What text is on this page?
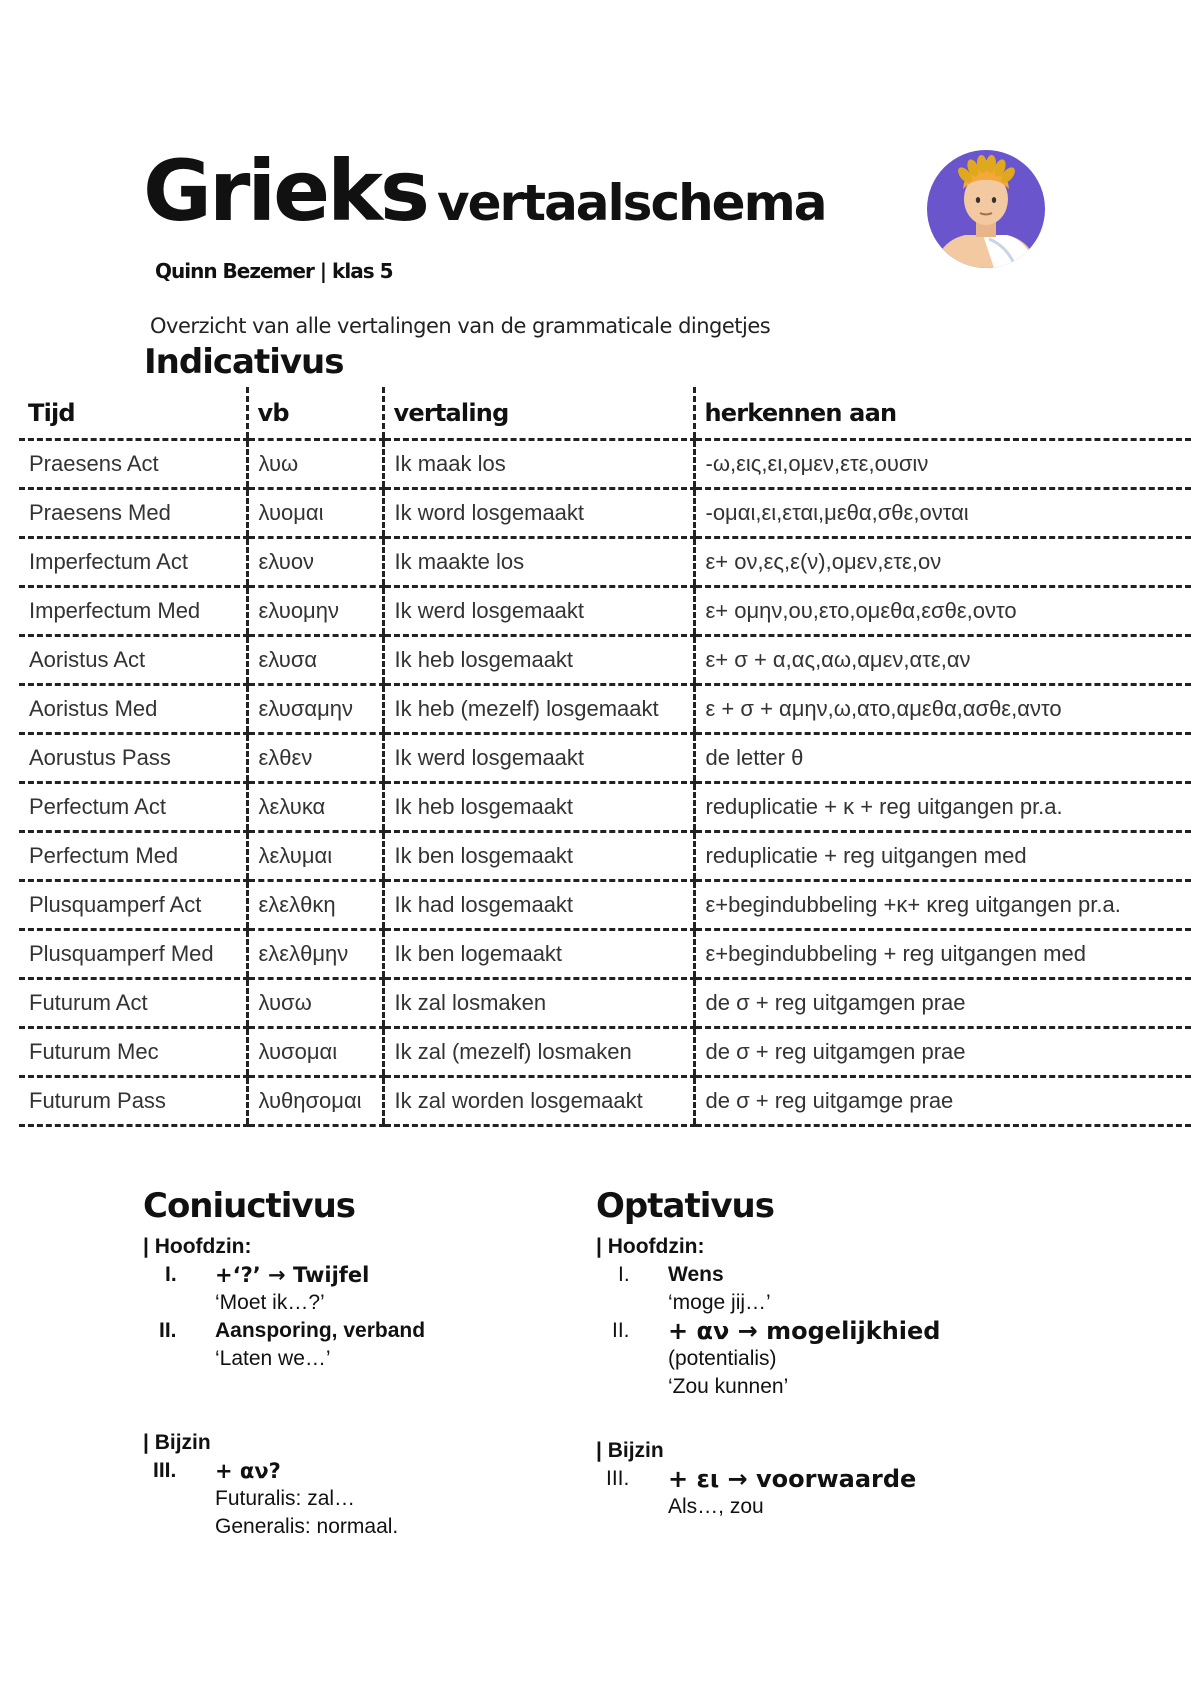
Grieks vertaalschema
Quinn Bezemer | klas 5
Overzicht van alle vertalingen van de grammaticale dingetjes
Indicativus
Tijd	vb	vertaling	herkennen aan
Praesens Act	λυω	Ik maak los	-ω,εις,ει,ομεν,ετε,ουσιν
Praesens Med	λυομαι	Ik word losgemaakt	-ομαι,ει,εται,μεθα,σθε,ονται
Imperfectum Act	ελυον	Ik maakte los	ε+ ον,ες,ε(ν),ομεν,ετε,ον
Imperfectum Med	ελυομην	Ik werd losgemaakt	ε+ ομην,ου,ετο,ομεθα,εσθε,οντο
Aoristus Act	ελυσα	Ik heb losgemaakt	ε+ σ + α,ας,αω,αμεν,ατε,αν
Aoristus Med	ελυσαμην	Ik heb (mezelf) losgemaakt	ε + σ + αμην,ω,ατο,αμεθα,ασθε,αντο
Aorustus Pass	ελθεν	Ik werd losgemaakt	de letter θ
Perfectum Act	λελυκα	Ik heb losgemaakt	reduplicatie + κ + reg uitgangen pr.a.
Perfectum Med	λελυμαι	Ik ben losgemaakt	reduplicatie + reg uitgangen med
Plusquamperf Act	ελελθκη	Ik had losgemaakt	ε+begindubbeling +κ+ κreg uitgangen pr.a.
Plusquamperf Med	ελελθμην	Ik ben logemaakt	ε+begindubbeling + reg uitgangen med
Futurum Act	λυσω	Ik zal losmaken	de σ + reg uitgamgen prae
Futurum Mec	λυσομαι	Ik zal (mezelf) losmaken	de σ + reg uitgamgen prae
Futurum Pass	λυθησομαι	Ik zal worden losgemaakt	de σ + reg uitgamge prae
Coniuctivus
| Hoofdzin:
I. +‘?’ → Twijfel
‘Moet ik…?’
II. Aansporing, verband
‘Laten we…’
| Bijzin
III. + αν?
Futuralis: zal…
Generalis: normaal.
Optativus
| Hoofdzin:
I. Wens
‘moge jij…’
II. + αν → mogelijkhied
(potentialis)
‘Zou kunnen’
| Bijzin
III. + ει → voorwaarde
Als…, zou
